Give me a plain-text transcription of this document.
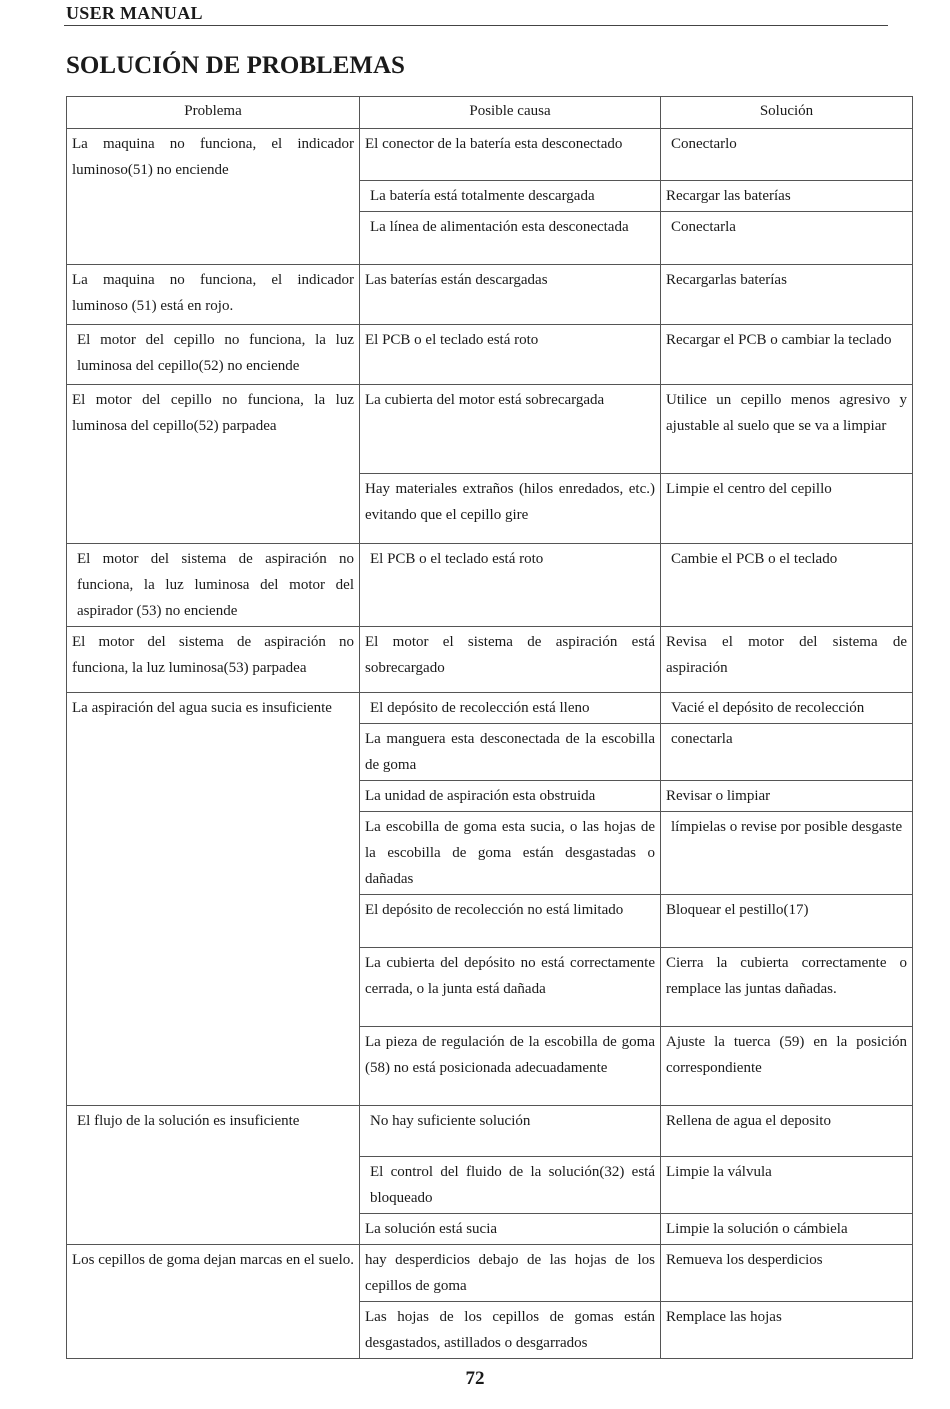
USER MANUAL
SOLUCIÓN DE PROBLEMAS
Problema	Posible causa	Solución
La maquina no funciona, el indicador luminoso(51) no enciende	El conector de la batería esta desconectado	Conectarlo
	La batería está totalmente descargada	Recargar las baterías
	La línea de alimentación esta desconectada	Conectarla
La maquina no funciona, el indicador luminoso (51) está en rojo.	Las baterías están descargadas	Recargarlas baterías
El motor del cepillo no funciona, la luz luminosa del cepillo(52) no enciende	El PCB o el teclado está roto	Recargar el PCB o cambiar la teclado
El motor del cepillo no funciona, la luz luminosa del cepillo(52) parpadea	La cubierta del motor está sobrecargada	Utilice un cepillo menos agresivo y ajustable al suelo que se va a limpiar
	Hay materiales extraños (hilos enredados, etc.) evitando que el cepillo gire	Limpie el centro del cepillo
El motor del sistema de aspiración no funciona, la luz luminosa del motor del aspirador (53) no enciende	El PCB o el teclado está roto	Cambie el PCB o el teclado
El motor del sistema de aspiración no funciona, la luz luminosa(53) parpadea	El motor el sistema de aspiración está sobrecargado	Revisa el motor del sistema de aspiración
La aspiración del agua sucia es insuficiente	El depósito de recolección está lleno	Vacié el depósito de recolección
	La manguera esta desconectada de la escobilla de goma	conectarla
	La unidad de aspiración esta obstruida	Revisar o limpiar
	La escobilla de goma esta sucia, o las hojas de la escobilla de goma están desgastadas o dañadas	límpielas o revise por posible desgaste
	El depósito de recolección no está limitado	Bloquear el pestillo(17)
	La cubierta del depósito no está correctamente cerrada, o la junta está dañada	Cierra la cubierta correctamente o remplace las juntas dañadas.
	La pieza de regulación de la escobilla de goma (58) no está posicionada adecuadamente	Ajuste la tuerca (59) en la posición correspondiente
El flujo de la solución es insuficiente	No hay suficiente solución	Rellena de agua el deposito
	El control del fluido de la solución(32) está bloqueado	Limpie la válvula
	La solución está sucia	Limpie la solución o cámbiela
Los cepillos de goma dejan marcas en el suelo.	hay desperdicios debajo de las hojas de los cepillos de goma	Remueva los desperdicios
	Las hojas de los cepillos de gomas están desgastados, astillados o desgarrados	Remplace las hojas
72
